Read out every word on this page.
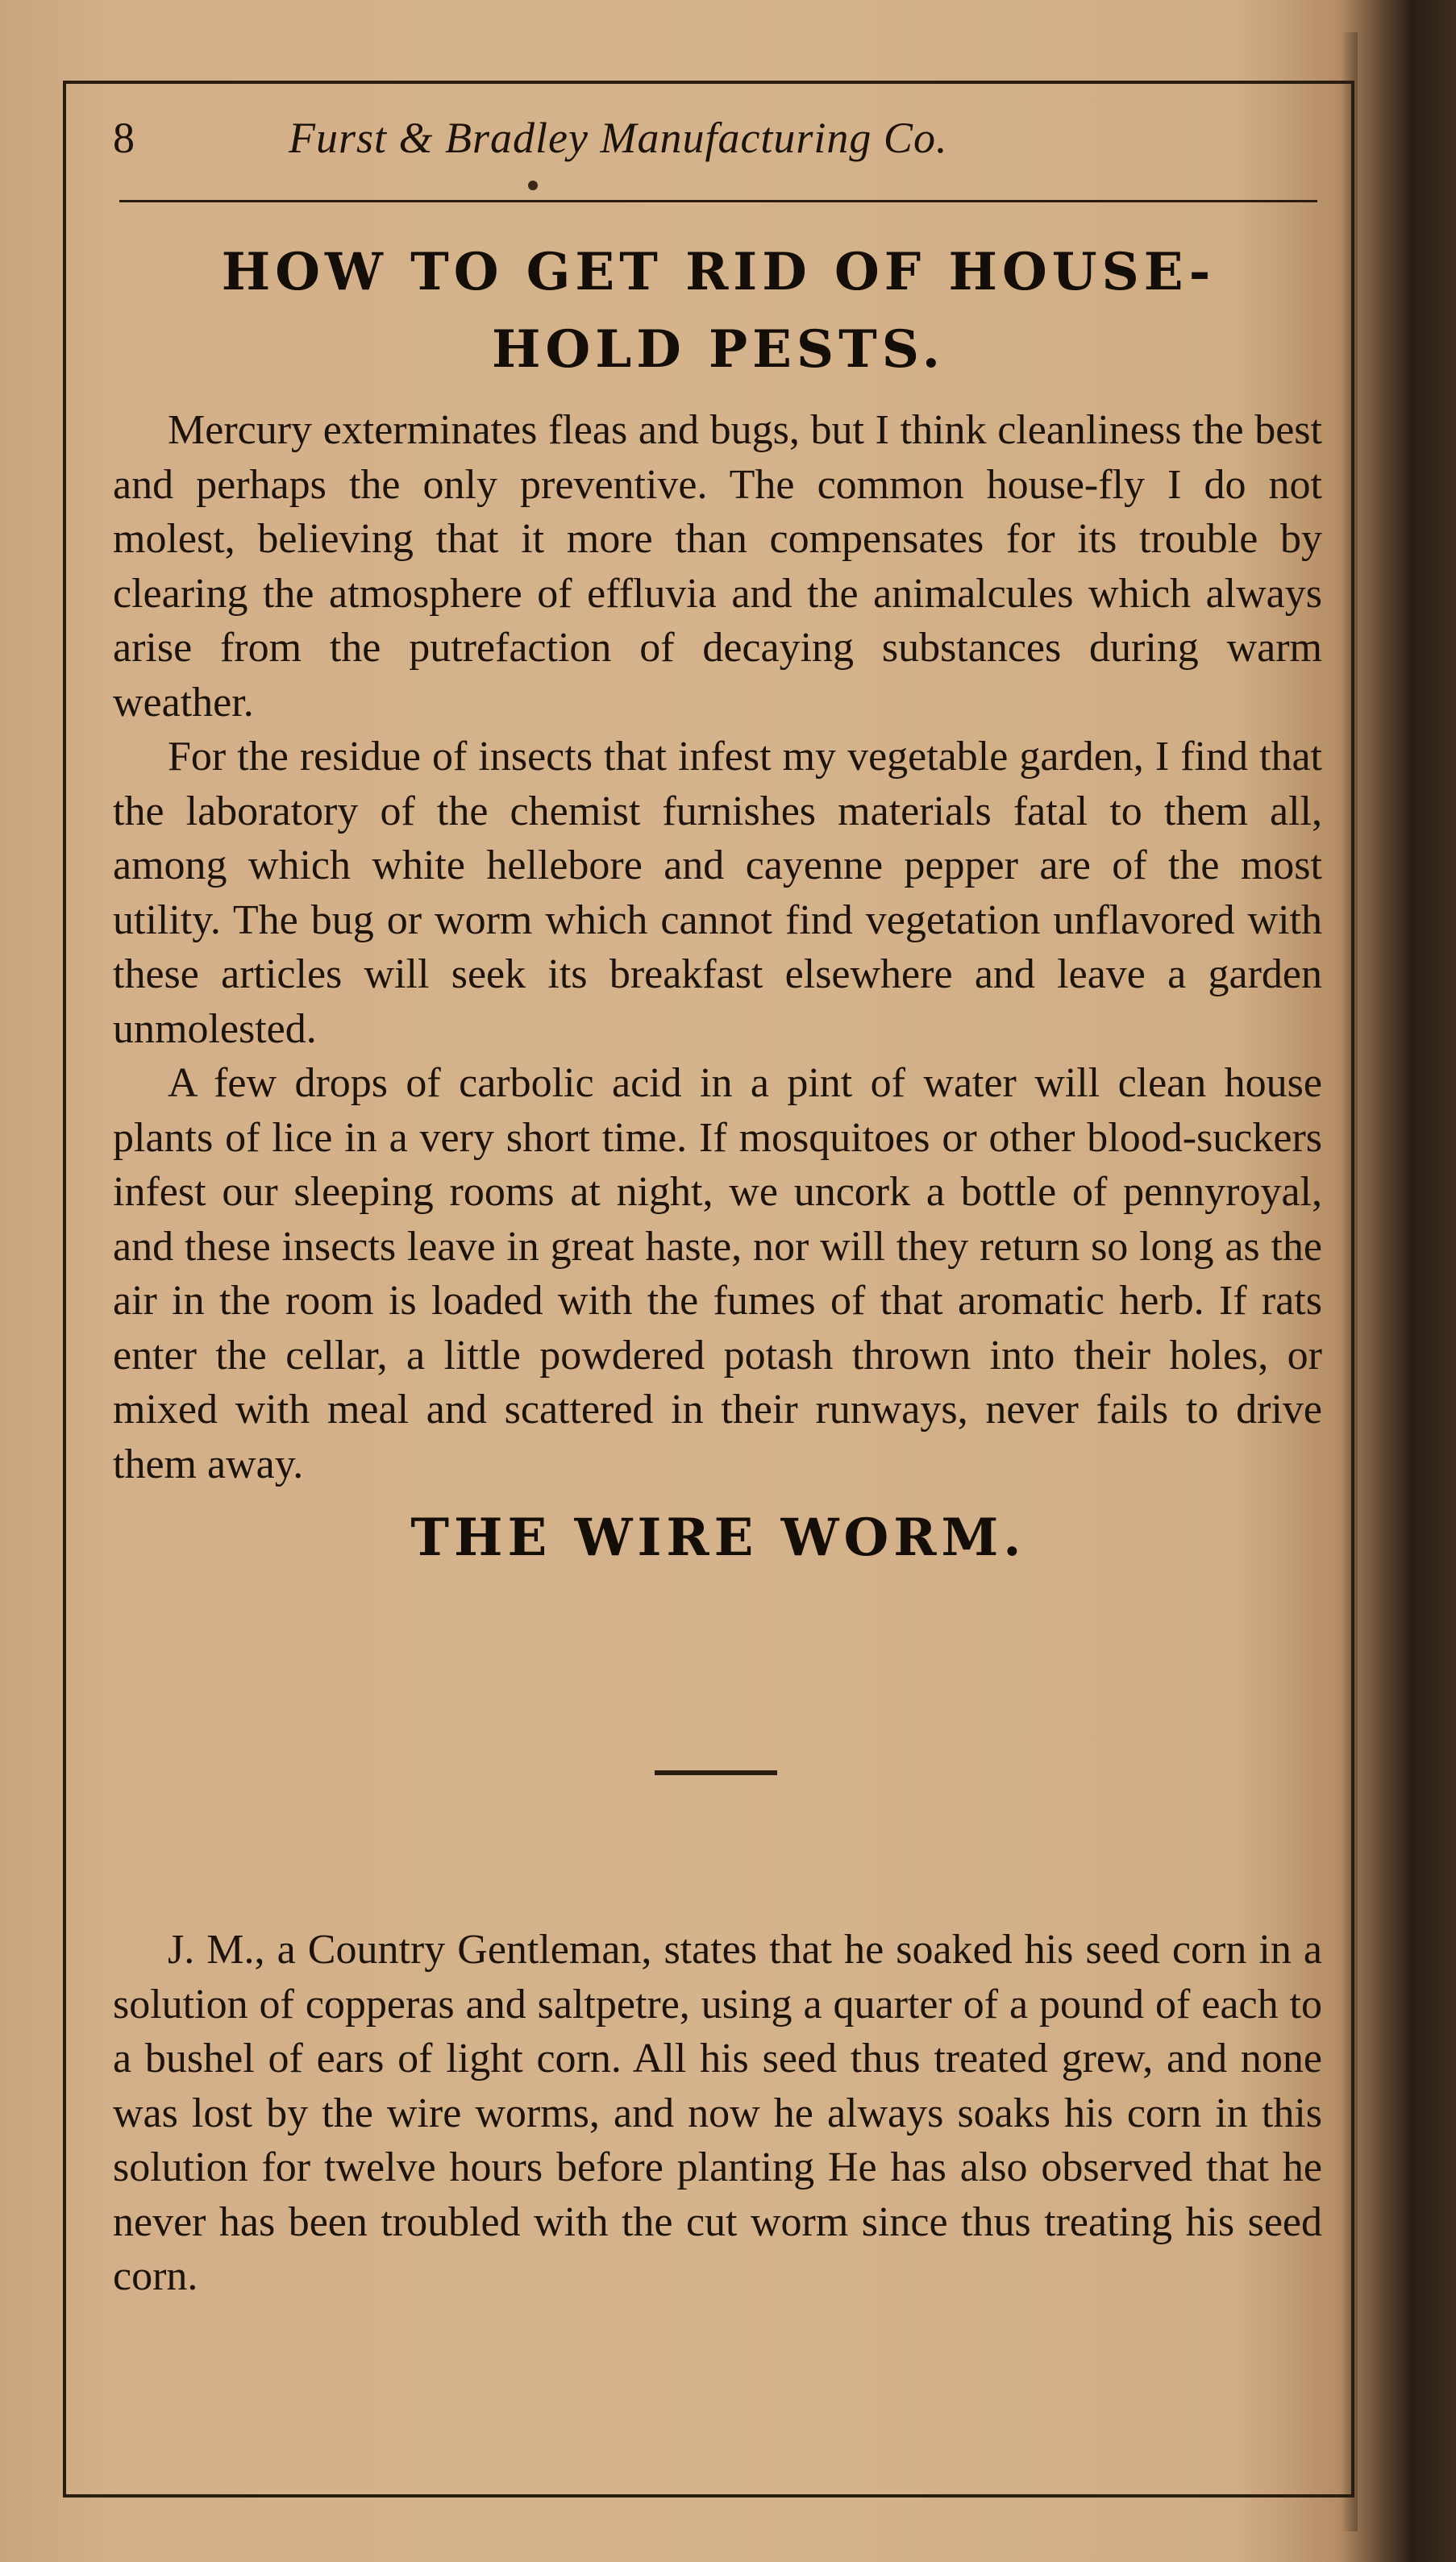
8	Furst & Bradley Manufacturing Co.
HOW TO GET RID OF HOUSE-
HOLD PESTS.

Mercury exterminates fleas and bugs, but I think cleanliness the best and perhaps the only preventive. The common house-fly I do not molest, believing that it more than compensates for its trouble by clearing the atmosphere of effluvia and the animalcules which always arise from the putrefaction of decaying substances during warm weather.

For the residue of insects that infest my vegetable garden, I find that the laboratory of the chemist furnishes materials fatal to them all, among which white hellebore and cayenne pepper are of the most utility. The bug or worm which cannot find vegetation unflavored with these articles will seek its breakfast elsewhere and leave a garden unmolested.

A few drops of carbolic acid in a pint of water will clean house plants of lice in a very short time. If mosquitoes or other blood-suckers infest our sleeping rooms at night, we uncork a bottle of pennyroyal, and these insects leave in great haste, nor will they return so long as the air in the room is loaded with the fumes of that aromatic herb. If rats enter the cellar, a little powdered potash thrown into their holes, or mixed with meal and scattered in their runways, never fails to drive them away.

THE WIRE WORM.

J. M., a Country Gentleman, states that he soaked his seed corn in a solution of copperas and saltpetre, using a quarter of a pound of each to a bushel of ears of light corn. All his seed thus treated grew, and none was lost by the wire worms, and now he always soaks his corn in this solution for twelve hours before planting He has also observed that he never has been troubled with the cut worm since thus treating his seed corn.
